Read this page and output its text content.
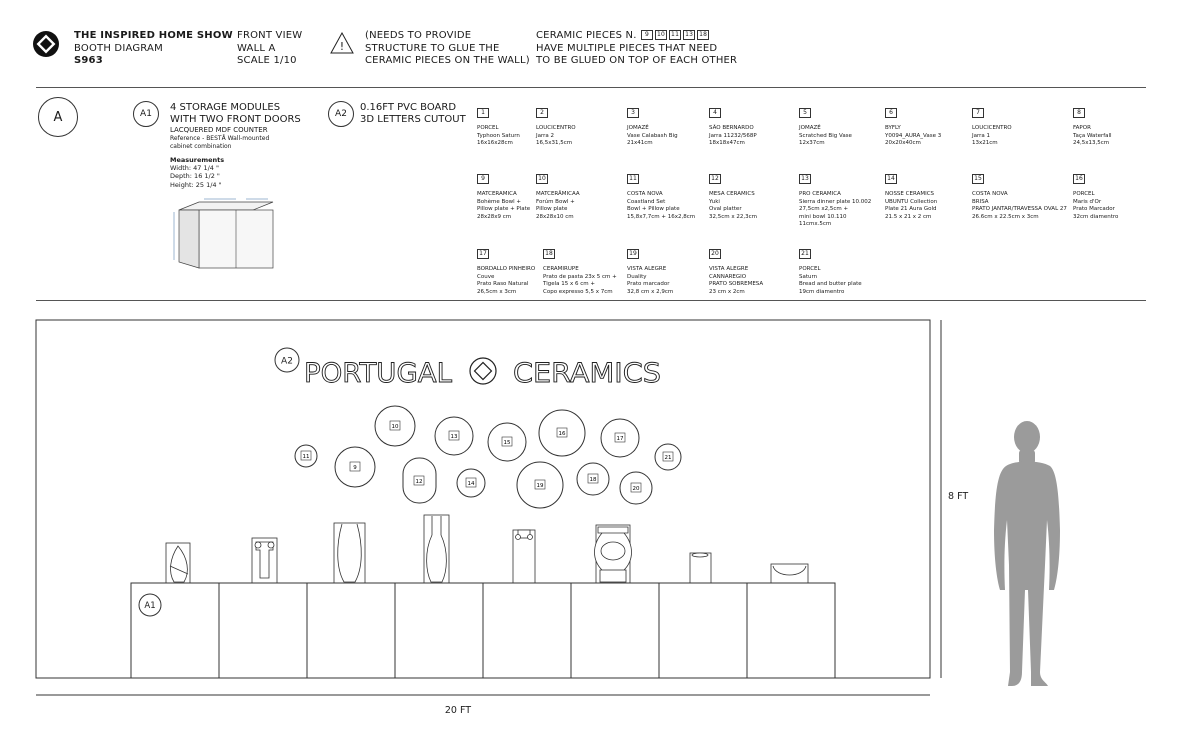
THE INSPIRED HOME SHOW
BOOTH DIAGRAM
S963
FRONT VIEW
WALL A
SCALE 1/10
!
(NEEDS TO PROVIDE
STRUCTURE TO GLUE THE
CERAMIC PIECES ON THE WALL)
CERAMIC PIECES N. 9 10 11 13 18
HAVE MULTIPLE PIECES THAT NEED
TO BE GLUED ON TOP OF EACH OTHER
A	A1
4 STORAGE MODULES
WITH TWO FRONT DOORS
LACQUERED MDF COUNTER
Reference - BESTÅ Wall-mounted
cabinet combination
Measurements
Width: 47 1/4 "
Depth: 16 1/2 "
Height: 25 1/4 "
A2
0.16FT PVC BOARD
3D LETTERS CUTOUT
1
PORCEL
Typhoon Saturn
16x16x28cm
2
LOUCICENTRO
Jarra 2
16,5x31,5cm
3
JOMAZÉ
Vase Calabash Big
21x41cm
4
SÃO BERNARDO
Jarra 11232/568P
18x18x47cm
5
JOMAZÉ
Scratched Big Vase
12x37cm
6
BYFLY
Y0094_AURA_Vase 3
20x20x40cm
7
LOUCICENTRO
Jarra 1
13x21cm
8
FAPOR
Taça Waterfall
24,5x13,5cm
9
MATCERAMICA
Bohème Bowl +
Pillow plate + Plate
28x28x9 cm
10
MATCERÂMICAA
Forúm Bowl +
Pillow plate
28x28x10 cm
11
COSTA NOVA
Coastland Set
Bowl + Pillow plate
15,8x7,7cm + 16x2,8cm
12
MESA CERAMICS
Yuki
Oval platter
32,5cm x 22,3cm
13
PRO CERAMICA
Sierra dinner plate 10.002
27,5cm x2,5cm +
mini bowl 10.110
11cmx.5cm
14
NOSSE CERAMICS
UBUNTU Collection
Plate 21 Aura Gold
21.5 x 21 x 2 cm
15
COSTA NOVA
BRISA
PRATO JANTAR/TRAVESSA OVAL 27
26.6cm x 22.5cm x 3cm
16
PORCEL
Maris d'Or
Prato Marcador
32cm diamentro
17
BORDALLO PINHEIRO
Couve
Prato Raso Natural
26,5cm x 3cm
18
CERAMIRUPE
Prato de pasta 23x 5 cm +
Tigela 15 x 6 cm +
Copo expresso 5,5 x 7cm
19
VISTA ALEGRE
Duality
Prato marcador
32,8 cm x 2,9cm
20
VISTA ALEGRE
CANNAREGIO
PRATO SOBREMESA
23 cm x 2cm
21
PORCEL
Saturn
Bread and butter plate
19cm diamentro
A2 PORTUGAL CERAMICS
10
11
9
13
12	14
15
16
19
18
17
20
21
A1
8 FT
20 FT
